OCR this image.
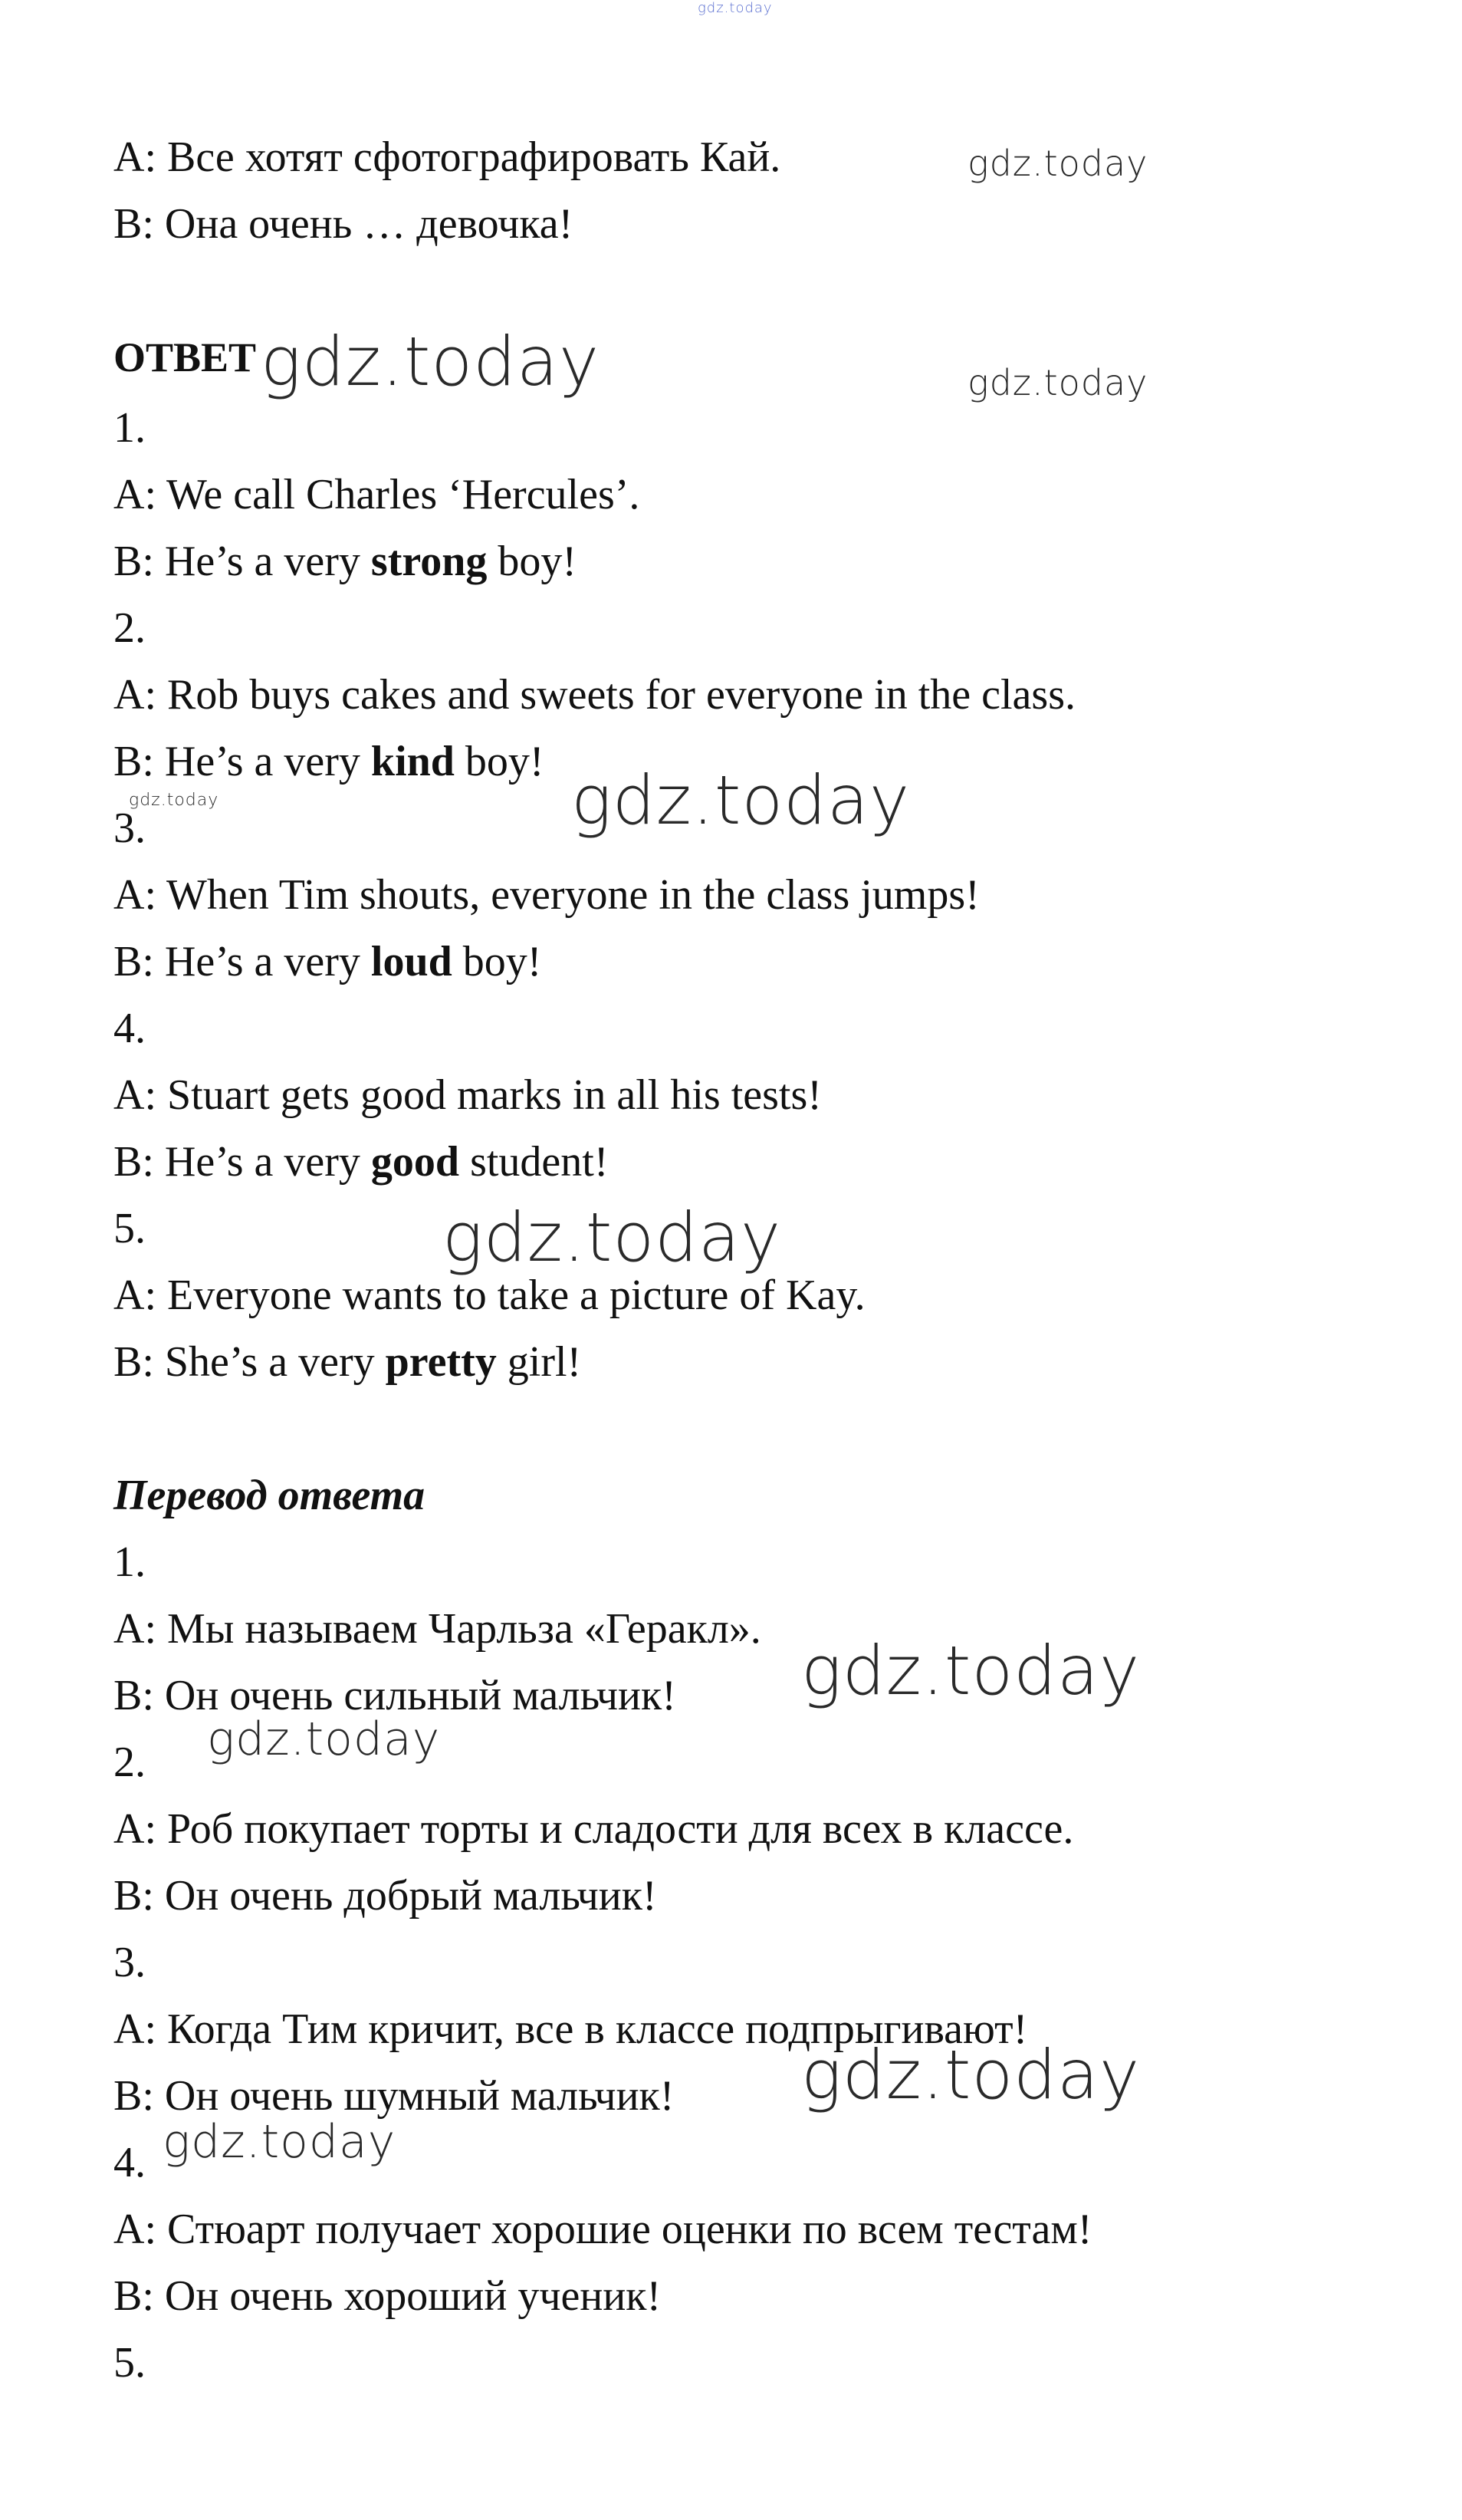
gdz.today
gdz.today
gdz.today	gdz.today
gdz.today	gdz.today
gdz.today
gdz.today
gdz.today
gdz.today
gdz.today
A: Все хотят сфотографировать Кай.
B: Она очень … девочка!
ОТВЕТ
1.
A: We call Charles ‘Hercules’.
B: He’s a very strong boy!
2.
A: Rob buys cakes and sweets for everyone in the class.
B: He’s a very kind boy!
3.
A: When Tim shouts, everyone in the class jumps!
B: He’s a very loud boy!
4.
A: Stuart gets good marks in all his tests!
B: He’s a very good student!
5.
A: Everyone wants to take a picture of Kay.
B: She’s a very pretty girl!
Перевод ответа
1.
A: Мы называем Чарльза «Геракл».
B: Он очень сильный мальчик!
2.
A: Роб покупает торты и сладости для всех в классе.
B: Он очень добрый мальчик!
3.
A: Когда Тим кричит, все в классе подпрыгивают!
B: Он очень шумный мальчик!
4.
A: Стюарт получает хорошие оценки по всем тестам!
B: Он очень хороший ученик!
5.
